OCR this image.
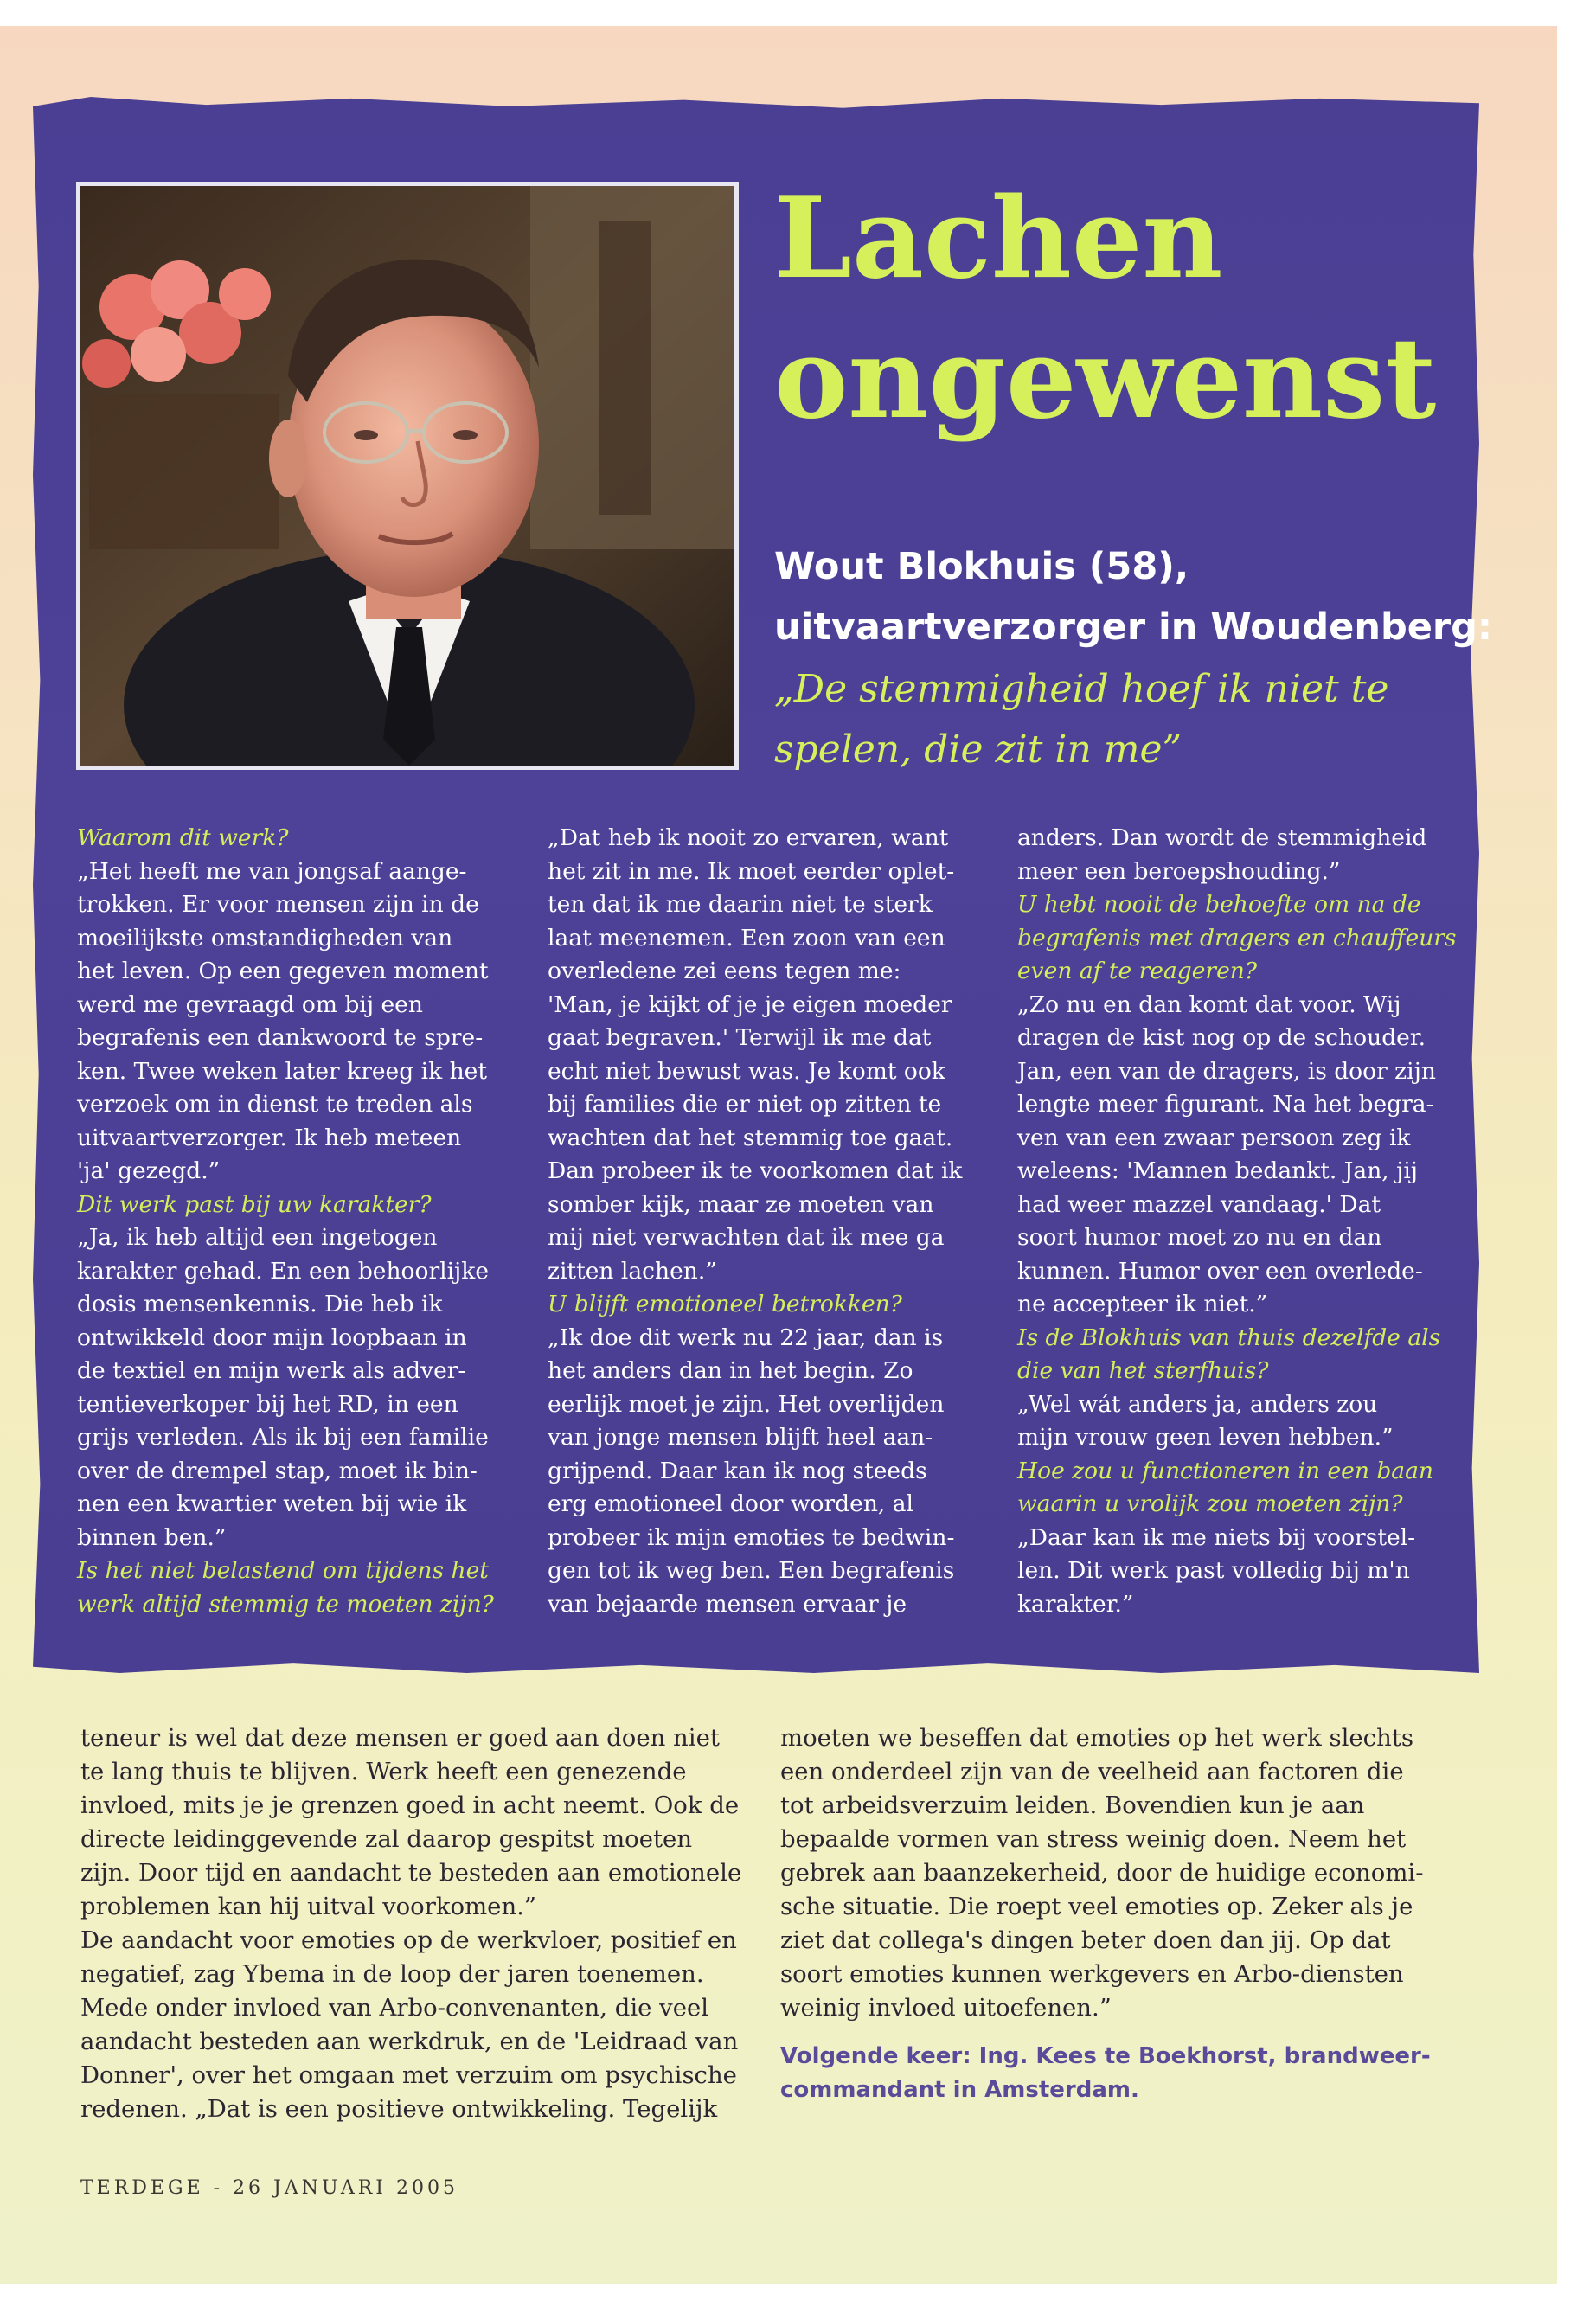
Lachen
ongewenst
Wout Blokhuis (58),
uitvaartverzorger in Woudenberg:
„De stemmigheid hoef ik niet te spelen, die zit in me”
Waarom dit werk?
„Het heeft me van jongsaf aange-
trokken. Er voor mensen zijn in de
moeilijkste omstandigheden van
het leven. Op een gegeven moment
werd me gevraagd om bij een
begrafenis een dankwoord te spre-
ken. Twee weken later kreeg ik het
verzoek om in dienst te treden als
uitvaartverzorger. Ik heb meteen
'ja' gezegd.”
Dit werk past bij uw karakter?
„Ja, ik heb altijd een ingetogen
karakter gehad. En een behoorlijke
dosis mensenkennis. Die heb ik
ontwikkeld door mijn loopbaan in
de textiel en mijn werk als adver-
tentieverkoper bij het RD, in een
grijs verleden. Als ik bij een familie
over de drempel stap, moet ik bin-
nen een kwartier weten bij wie ik
binnen ben.”
Is het niet belastend om tijdens het
werk altijd stemmig te moeten zijn?
„Dat heb ik nooit zo ervaren, want
het zit in me. Ik moet eerder oplet-
ten dat ik me daarin niet te sterk
laat meenemen. Een zoon van een
overledene zei eens tegen me:
'Man, je kijkt of je je eigen moeder
gaat begraven.' Terwijl ik me dat
echt niet bewust was. Je komt ook
bij families die er niet op zitten te
wachten dat het stemmig toe gaat.
Dan probeer ik te voorkomen dat ik
somber kijk, maar ze moeten van
mij niet verwachten dat ik mee ga
zitten lachen.”
U blijft emotioneel betrokken?
„Ik doe dit werk nu 22 jaar, dan is
het anders dan in het begin. Zo
eerlijk moet je zijn. Het overlijden
van jonge mensen blijft heel aan-
grijpend. Daar kan ik nog steeds
erg emotioneel door worden, al
probeer ik mijn emoties te bedwin-
gen tot ik weg ben. Een begrafenis
van bejaarde mensen ervaar je
anders. Dan wordt de stemmigheid
meer een beroepshouding.”
U hebt nooit de behoefte om na de
begrafenis met dragers en chauffeurs
even af te reageren?
„Zo nu en dan komt dat voor. Wij
dragen de kist nog op de schouder.
Jan, een van de dragers, is door zijn
lengte meer figurant. Na het begra-
ven van een zwaar persoon zeg ik
weleens: 'Mannen bedankt. Jan, jij
had weer mazzel vandaag.' Dat
soort humor moet zo nu en dan
kunnen. Humor over een overlede-
ne accepteer ik niet.”
Is de Blokhuis van thuis dezelfde als
die van het sterfhuis?
„Wel wát anders ja, anders zou
mijn vrouw geen leven hebben.”
Hoe zou u functioneren in een baan
waarin u vrolijk zou moeten zijn?
„Daar kan ik me niets bij voorstel-
len. Dit werk past volledig bij m'n
karakter.”
teneur is wel dat deze mensen er goed aan doen niet
te lang thuis te blijven. Werk heeft een genezende
invloed, mits je je grenzen goed in acht neemt. Ook de
directe leidinggevende zal daarop gespitst moeten
zijn. Door tijd en aandacht te besteden aan emotionele
problemen kan hij uitval voorkomen.”
De aandacht voor emoties op de werkvloer, positief en
negatief, zag Ybema in de loop der jaren toenemen.
Mede onder invloed van Arbo-convenanten, die veel
aandacht besteden aan werkdruk, en de 'Leidraad van
Donner', over het omgaan met verzuim om psychische
redenen. „Dat is een positieve ontwikkeling. Tegelijk
moeten we beseffen dat emoties op het werk slechts
een onderdeel zijn van de veelheid aan factoren die
tot arbeidsverzuim leiden. Bovendien kun je aan
bepaalde vormen van stress weinig doen. Neem het
gebrek aan baanzekerheid, door de huidige economi-
sche situatie. Die roept veel emoties op. Zeker als je
ziet dat collega's dingen beter doen dan jij. Op dat
soort emoties kunnen werkgevers en Arbo-diensten
weinig invloed uitoefenen.”
Volgende keer: Ing. Kees te Boekhorst, brandweer-
commandant in Amsterdam.
TERDEGE - 26 JANUARI 2005
